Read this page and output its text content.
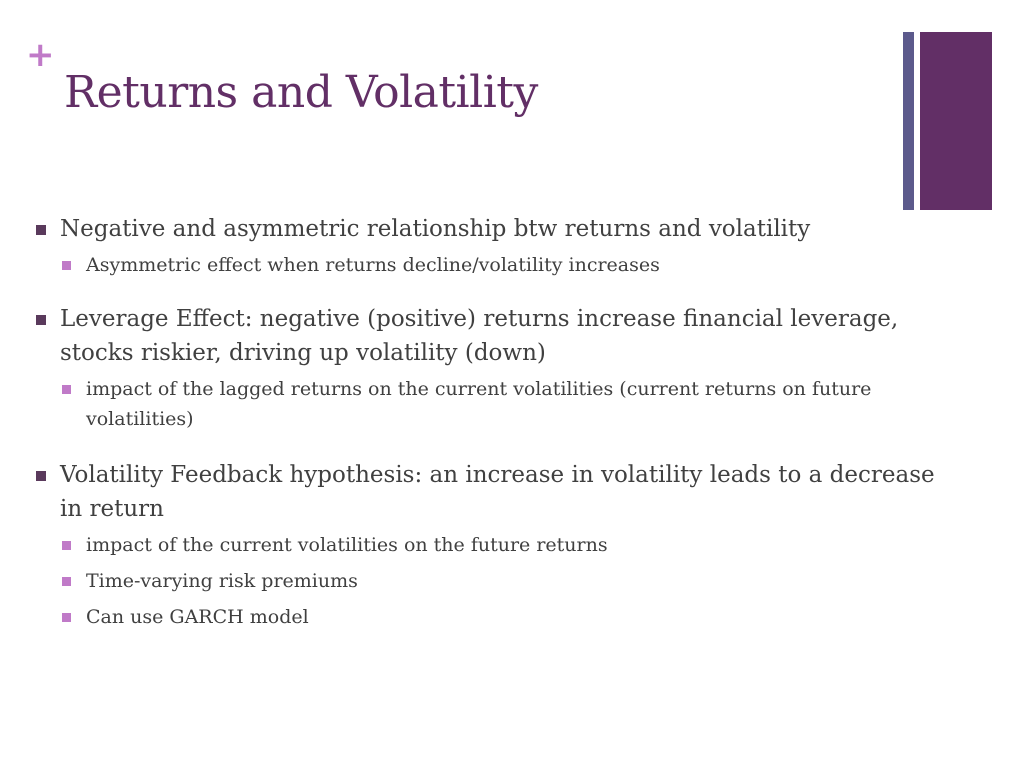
+
Returns and Volatility
Negative and asymmetric relationship btw returns and volatility
Asymmetric effect when returns decline/volatility increases
Leverage Effect: negative (positive) returns increase financial leverage, stocks riskier, driving up volatility (down)
impact of the lagged returns on the current volatilities (current returns on future volatilities)
Volatility Feedback hypothesis: an increase in volatility leads to a decrease in return
impact of the current volatilities on the future returns
Time-varying risk premiums
Can use GARCH model
